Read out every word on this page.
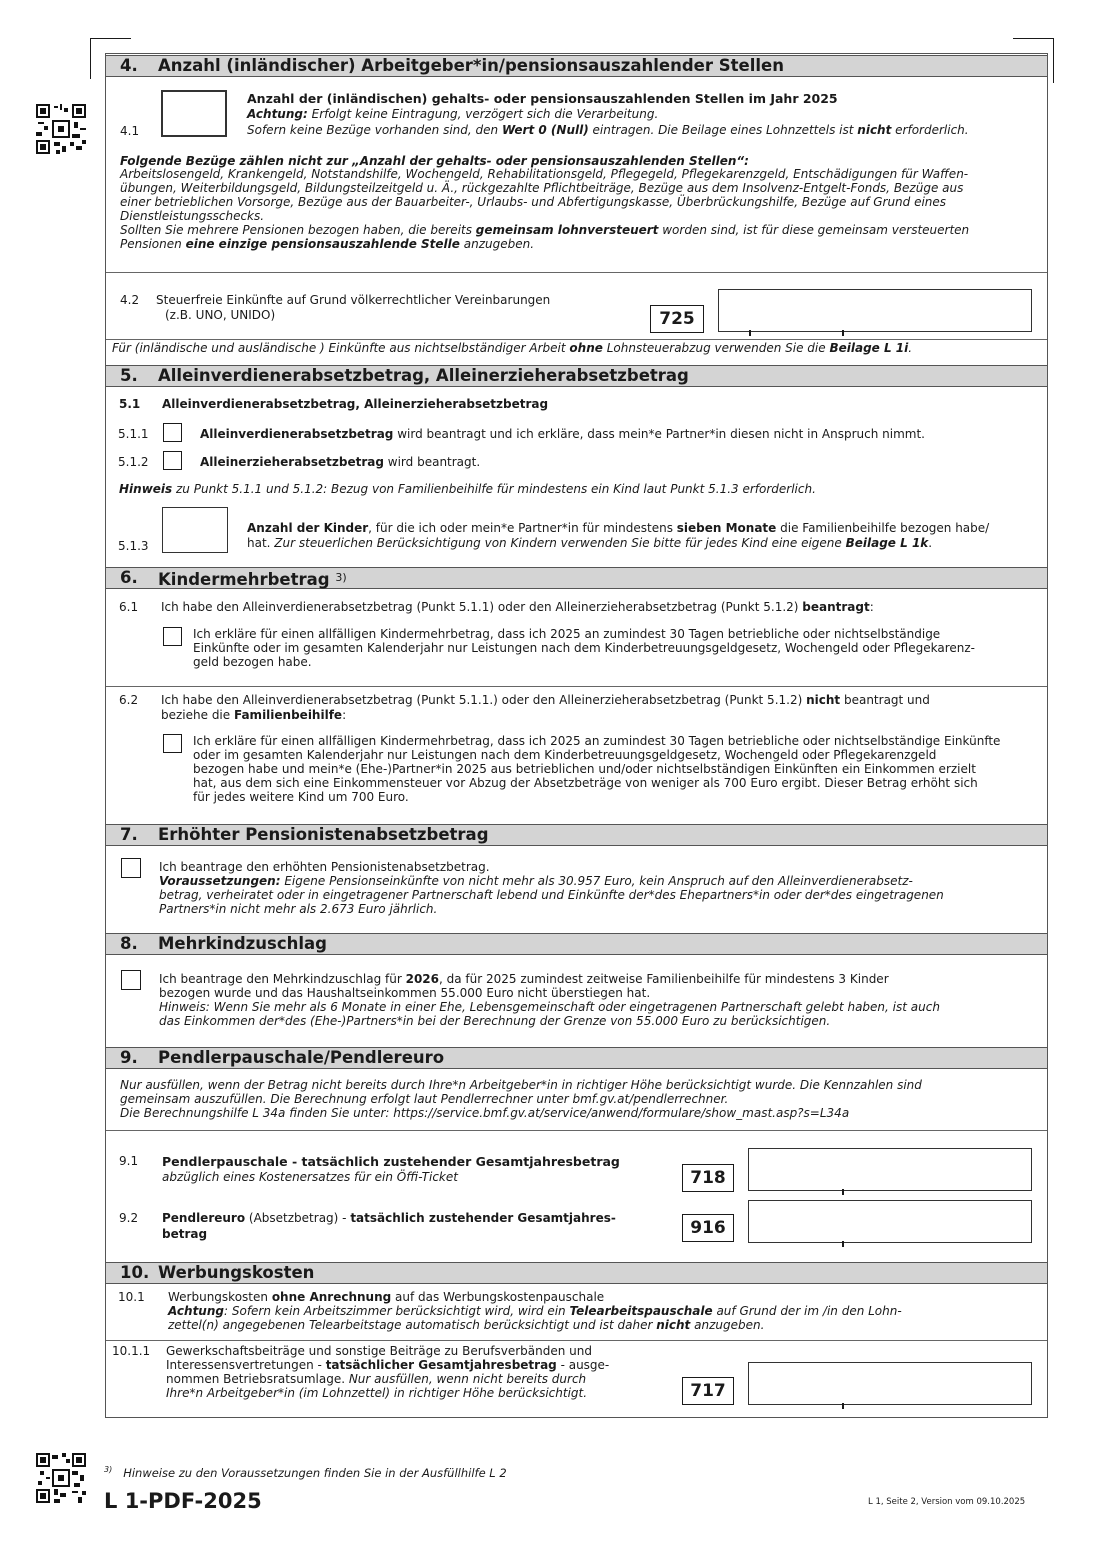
4. Anzahl (inländischer) Arbeitgeber*in/pensionsauszahlender Stellen
4.1
Anzahl der (inländischen) gehalts- oder pensionsauszahlenden Stellen im Jahr 2025
Achtung: Erfolgt keine Eintragung, verzögert sich die Verarbeitung.
Sofern keine Bezüge vorhanden sind, den Wert 0 (Null) eintragen. Die Beilage eines Lohnzettels ist nicht erforderlich.
Folgende Bezüge zählen nicht zur „Anzahl der gehalts- oder pensionsauszahlenden Stellen“:
Arbeitslosengeld, Krankengeld, Notstandshilfe, Wochengeld, Rehabilitationsgeld, Pflegegeld, Pflegekarenzgeld, Entschädigungen für Waffen-
übungen, Weiterbildungsgeld, Bildungsteilzeitgeld u. Ä., rückgezahlte Pflichtbeiträge, Bezüge aus dem Insolvenz-Entgelt-Fonds, Bezüge aus
einer betrieblichen Vorsorge, Bezüge aus der Bauarbeiter-, Urlaubs- und Abfertigungskasse, Überbrückungshilfe, Bezüge auf Grund eines
Dienstleistungsschecks.
Sollten Sie mehrere Pensionen bezogen haben, die bereits gemeinsam lohnversteuert worden sind, ist für diese gemeinsam versteuerten
Pensionen eine einzige pensionsauszahlende Stelle anzugeben.
4.2 Steuerfreie Einkünfte auf Grund völkerrechtlicher Vereinbarungen
(z.B. UNO, UNIDO)	725
Für (inländische und ausländische ) Einkünfte aus nichtselbständiger Arbeit ohne Lohnsteuerabzug verwenden Sie die Beilage L 1i.
5. Alleinverdienerabsetzbetrag, Alleinerzieherabsetzbetrag
5.1 Alleinverdienerabsetzbetrag, Alleinerzieherabsetzbetrag
5.1.1	Alleinverdienerabsetzbetrag wird beantragt und ich erkläre, dass mein*e Partner*in diesen nicht in Anspruch nimmt.
5.1.2	Alleinerzieherabsetzbetrag wird beantragt.
Hinweis zu Punkt 5.1.1 und 5.1.2: Bezug von Familienbeihilfe für mindestens ein Kind laut Punkt 5.1.3 erforderlich.
5.1.3
Anzahl der Kinder, für die ich oder mein*e Partner*in für mindestens sieben Monate die Familienbeihilfe bezogen habe/
hat. Zur steuerlichen Berücksichtigung von Kindern verwenden Sie bitte für jedes Kind eine eigene Beilage L 1k.
6. Kindermehrbetrag $^{3)}$
6.1 Ich habe den Alleinverdienerabsetzbetrag (Punkt 5.1.1) oder den Alleinerzieherabsetzbetrag (Punkt 5.1.2) beantragt:
Ich erkläre für einen allfälligen Kindermehrbetrag, dass ich 2025 an zumindest 30 Tagen betriebliche oder nichtselbständige
Einkünfte oder im gesamten Kalenderjahr nur Leistungen nach dem Kinderbetreuungsgeldgesetz, Wochengeld oder Pflegekarenz-
geld bezogen habe.
6.2 Ich habe den Alleinverdienerabsetzbetrag (Punkt 5.1.1.) oder den Alleinerzieherabsetzbetrag (Punkt 5.1.2) nicht beantragt und
beziehe die Familienbeihilfe:
Ich erkläre für einen allfälligen Kindermehrbetrag, dass ich 2025 an zumindest 30 Tagen betriebliche oder nichtselbständige Einkünfte
oder im gesamten Kalenderjahr nur Leistungen nach dem Kinderbetreuungsgeldgesetz, Wochengeld oder Pflegekarenzgeld
bezogen habe und mein*e (Ehe-)Partner*in 2025 aus betrieblichen und/oder nichtselbständigen Einkünften ein Einkommen erzielt
hat, aus dem sich eine Einkommensteuer vor Abzug der Absetzbeträge von weniger als 700 Euro ergibt. Dieser Betrag erhöht sich
für jedes weitere Kind um 700 Euro.
7. Erhöhter Pensionistenabsetzbetrag
Ich beantrage den erhöhten Pensionistenabsetzbetrag.
Voraussetzungen: Eigene Pensionseinkünfte von nicht mehr als 30.957 Euro, kein Anspruch auf den Alleinverdienerabsetz-
betrag, verheiratet oder in eingetragener Partnerschaft lebend und Einkünfte der*des Ehepartners*in oder der*des eingetragenen
Partners*in nicht mehr als 2.673 Euro jährlich.
8. Mehrkindzuschlag
Ich beantrage den Mehrkindzuschlag für 2026, da für 2025 zumindest zeitweise Familienbeihilfe für mindestens 3 Kinder
bezogen wurde und das Haushaltseinkommen 55.000 Euro nicht überstiegen hat.
Hinweis: Wenn Sie mehr als 6 Monate in einer Ehe, Lebensgemeinschaft oder eingetragenen Partnerschaft gelebt haben, ist auch
das Einkommen der*des (Ehe-)Partners*in bei der Berechnung der Grenze von 55.000 Euro zu berücksichtigen.
9. Pendlerpauschale/Pendlereuro
Nur ausfüllen, wenn der Betrag nicht bereits durch Ihre*n Arbeitgeber*in in richtiger Höhe berücksichtigt wurde. Die Kennzahlen sind
gemeinsam auszufüllen. Die Berechnung erfolgt laut Pendlerrechner unter bmf.gv.at/pendlerrechner.
Die Berechnungshilfe L 34a finden Sie unter: https://service.bmf.gv.at/service/anwend/formulare/show_mast.asp?s=L34a
9.1 Pendlerpauschale - tatsächlich zustehender Gesamtjahresbetrag
abzüglich eines Kostenersatzes für ein Öffi-Ticket	718
9.2 Pendlereuro (Absetzbetrag) - tatsächlich zustehender Gesamtjahres-
betrag	916
10. Werbungskosten
10.1 Werbungskosten ohne Anrechnung auf das Werbungskostenpauschale
Achtung: Sofern kein Arbeitszimmer berücksichtigt wird, wird ein Telearbeitspauschale auf Grund der im /in den Lohn-
zettel(n) angegebenen Telearbeitstage automatisch berücksichtigt und ist daher nicht anzugeben.
10.1.1 Gewerkschaftsbeiträge und sonstige Beiträge zu Berufsverbänden und
Interessensvertretungen - tatsächlicher Gesamtjahresbetrag - ausge-
nommen Betriebsratsumlage. Nur ausfüllen, wenn nicht bereits durch
Ihre*n Arbeitgeber*in (im Lohnzettel) in richtiger Höhe berücksichtigt.	717
$^{3)}$ Hinweise zu den Voraussetzungen finden Sie in der Ausfüllhilfe L 2
L 1-PDF-2025	L 1, Seite 2, Version vom 09.10.2025
